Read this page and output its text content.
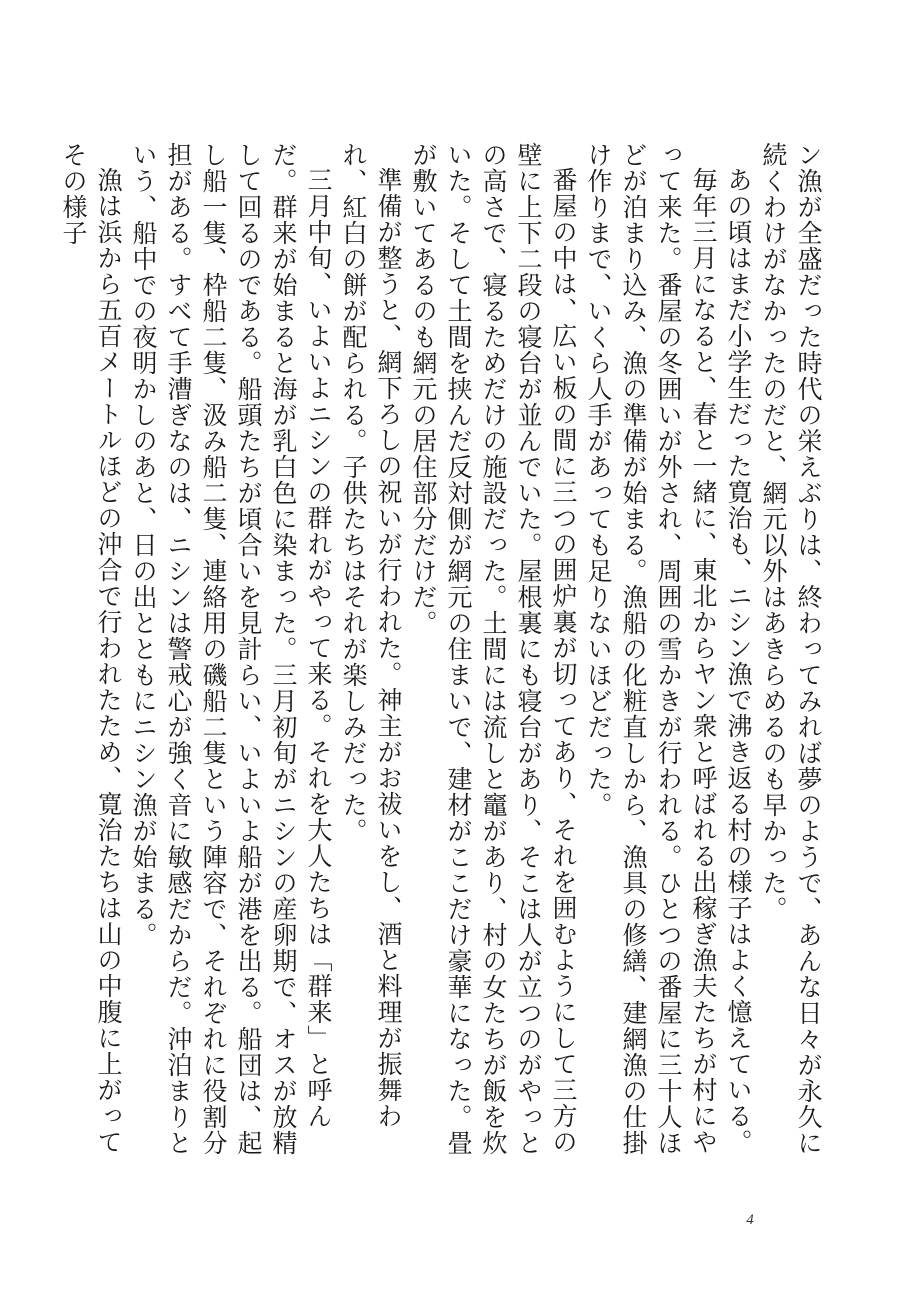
ン漁が全盛だった時代の栄えぶりは、終わってみれば夢のようで、あんな日々が永久に続くわけがなかったのだと、網元以外はあきらめるのも早かった。

あの頃はまだ小学生だった寛治も、ニシン漁で沸き返る村の様子はよく憶えている。

毎年三月になると、春と一緒に、東北からヤン衆と呼ばれる出稼ぎ漁夫たちが村にやって来た。番屋の冬囲いが外され、周囲の雪かきが行われる。ひとつの番屋に三十人ほどが泊まり込み、漁の準備が始まる。漁船の化粧直しから、漁具の修繕、建網漁の仕掛け作りまで、いくら人手があっても足りないほどだった。

番屋の中は、広い板の間に三つの囲炉裏が切ってあり、それを囲むようにして三方の壁に上下二段の寝台が並んでいた。屋根裏にも寝台があり、そこは人が立つのがやっとの高さで、寝るためだけの施設だった。土間には流しと竈があり、村の女たちが飯を炊いた。そして土間を挟んだ反対側が網元の住まいで、建材がここだけ豪華になった。畳が敷いてあるのも網元の居住部分だけだ。

準備が整うと、網下ろしの祝いが行われた。神主がお祓いをし、酒と料理が振舞われ、紅白の餅が配られる。子供たちはそれが楽しみだった。

三月中旬、いよいよニシンの群れがやって来る。それを大人たちは「群来」と呼んだ。群来が始まると海が乳白色に染まった。三月初旬がニシンの産卵期で、オスが放精して回るのである。船頭たちが頃合いを見計らい、いよいよ船が港を出る。船団は、起し船一隻、枠船二隻、汲み船二隻、連絡用の磯船二隻という陣容で、それぞれに役割分担がある。すべて手漕ぎなのは、ニシンは警戒心が強く音に敏感だからだ。沖泊まりという、船中での夜明かしのあと、日の出とともにニシン漁が始まる。

漁は浜から五百メートルほどの沖合で行われたため、寛治たちは山の中腹に上がってその様子

4
